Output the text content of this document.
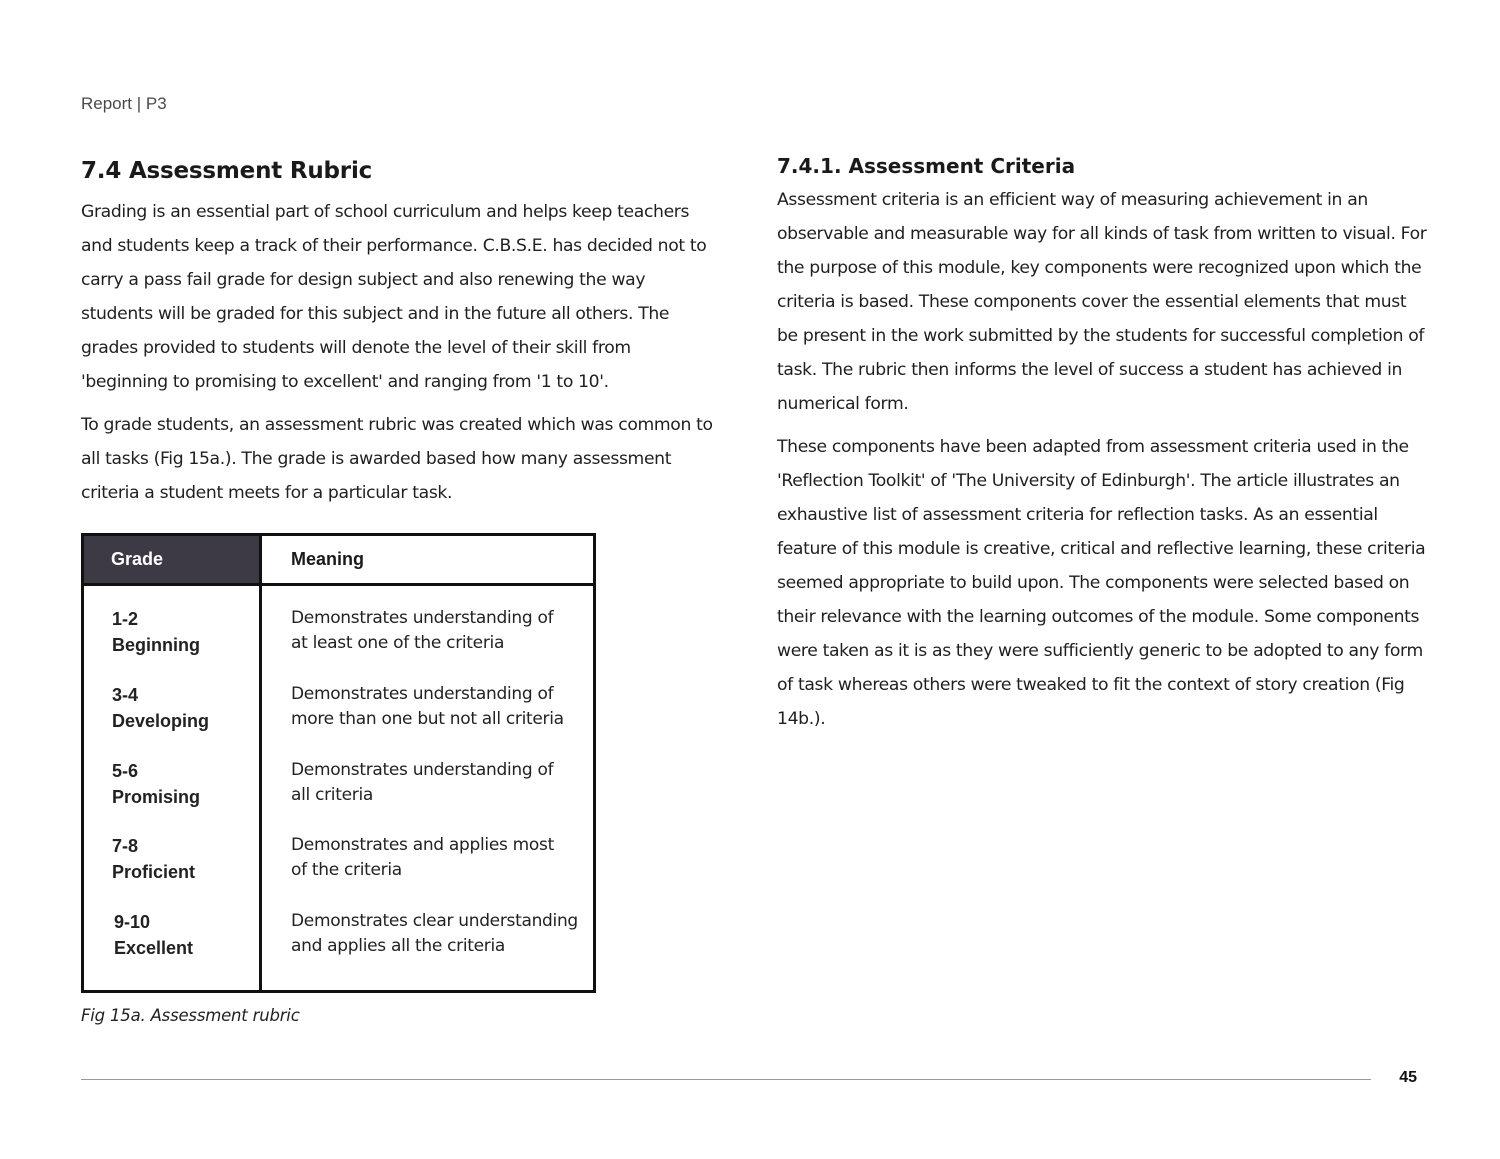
Report | P3
7.4 Assessment Rubric

Grading is an essential part of school curriculum and helps keep teachers and students keep a track of their performance. C.B.S.E. has decided not to carry a pass fail grade for design subject and also renewing the way students will be graded for this subject and in the future all others. The grades provided to students will denote the level of their skill from 'beginning to promising to excellent' and ranging from '1 to 10'.

To grade students, an assessment rubric was created which was common to all tasks (Fig 15a.). The grade is awarded based how many assessment criteria a student meets for a particular task.

Grade	Meaning
1-2
Beginning
Demonstrates understanding of
at least one of the criteria
3-4
Developing
Demonstrates understanding of
more than one but not all criteria
5-6
Promising
Demonstrates understanding of
all criteria
7-8
Proficient
Demonstrates and applies most
of the criteria
9-10
Excellent
Demonstrates clear understanding
and applies all the criteria
Fig 15a. Assessment rubric
7.4.1. Assessment Criteria

Assessment criteria is an efficient way of measuring achievement in an observable and measurable way for all kinds of task from written to visual. For the purpose of this module, key components were recognized upon which the criteria is based. These components cover the essential elements that must be present in the work submitted by the students for successful completion of task. The rubric then informs the level of success a student has achieved in numerical form.

These components have been adapted from assessment criteria used in the 'Reflection Toolkit' of 'The University of Edinburgh'. The article illustrates an exhaustive list of assessment criteria for reflection tasks. As an essential feature of this module is creative, critical and reflective learning, these criteria seemed appropriate to build upon. The components were selected based on their relevance with the learning outcomes of the module. Some components were taken as it is as they were sufficiently generic to be adopted to any form of task whereas others were tweaked to fit the context of story creation (Fig 14b.).

45
